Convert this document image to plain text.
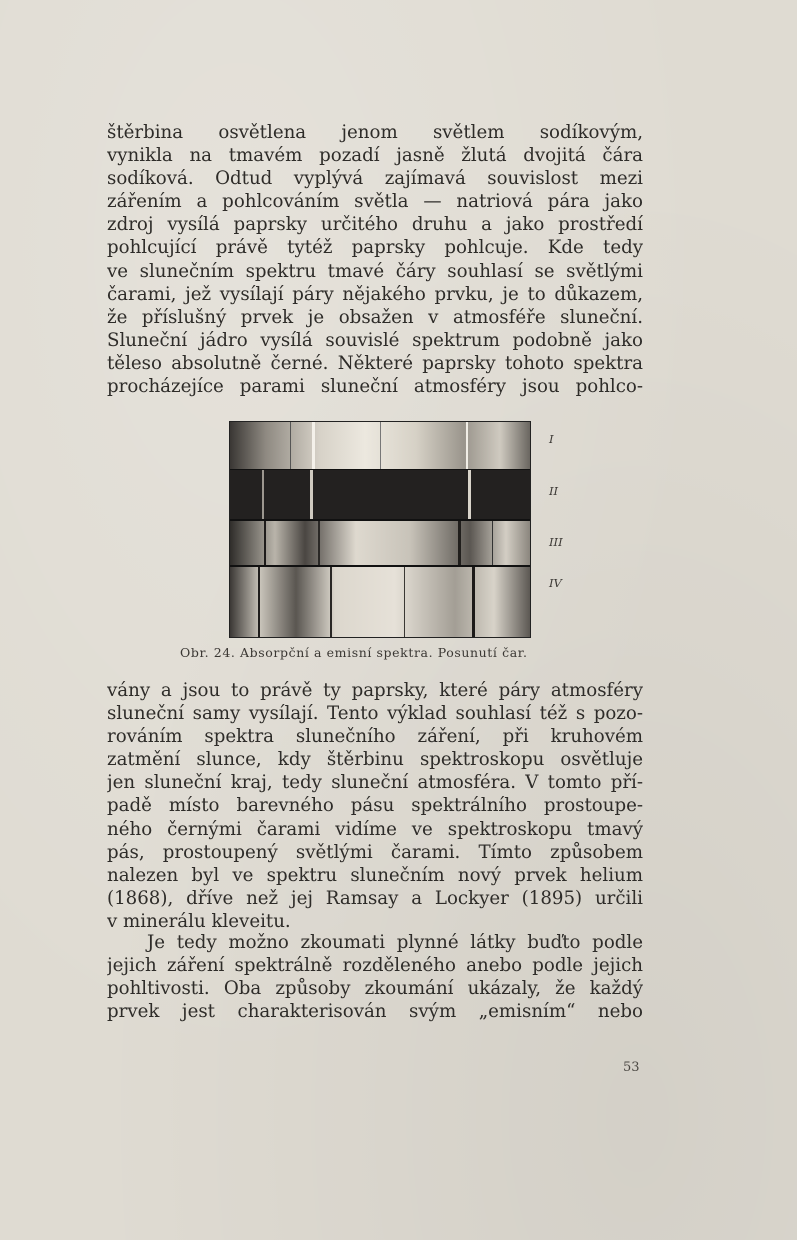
štěrbina osvětlena jenom světlem sodíkovým,
vynikla na tmavém pozadí jasně žlutá dvojitá čára
sodíková. Odtud vyplývá zajímavá souvislost mezi
zářením a pohlcováním světla — natriová pára jako
zdroj vysílá paprsky určitého druhu a jako prostředí
pohlcující právě tytéž paprsky pohlcuje. Kde tedy
ve slunečním spektru tmavé čáry souhlasí se světlými
čarami, jež vysílají páry nějakého prvku, je to důkazem,
že příslušný prvek je obsažen v atmosféře sluneční.
Sluneční jádro vysílá souvislé spektrum podobně jako
těleso absolutně černé. Některé paprsky tohoto spektra
procházejíce parami sluneční atmosféry jsou pohlco-
I
II
III
IV
Obr. 24. Absorpční a emisní spektra. Posunutí čar.
vány a jsou to právě ty paprsky, které páry atmosféry
sluneční samy vysílají. Tento výklad souhlasí též s pozo-
rováním spektra slunečního záření, při kruhovém
zatmění slunce, kdy štěrbinu spektroskopu osvětluje
jen sluneční kraj, tedy sluneční atmosféra. V tomto pří-
padě místo barevného pásu spektrálního prostoupe-
ného černými čarami vidíme ve spektroskopu tmavý
pás, prostoupený světlými čarami. Tímto způsobem
nalezen byl ve spektru slunečním nový prvek helium
(1868), dříve než jej Ramsay a Lockyer (1895) určili
v minerálu kleveitu.
Je tedy možno zkoumati plynné látky buďto podle
jejich záření spektrálně rozděleného anebo podle jejich
pohltivosti. Oba způsoby zkoumání ukázaly, že každý
prvek jest charakterisován svým „emisním“ nebo
53
